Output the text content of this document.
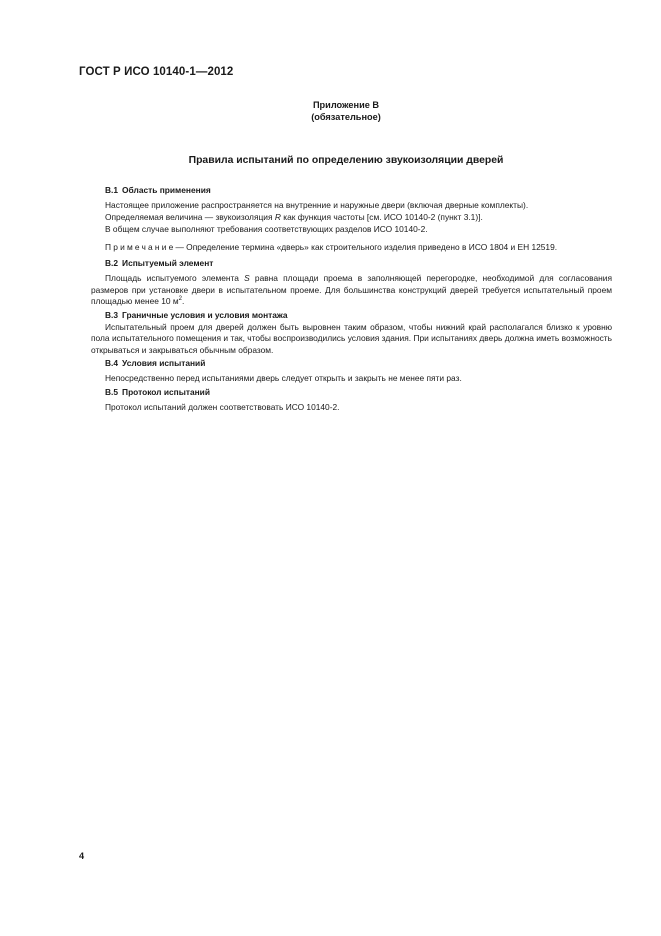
ГОСТ Р ИСО 10140-1—2012
Приложение В
(обязательное)
Правила испытаний по определению звукоизоляции дверей
В.1 Область применения

Настоящее приложение распространяется на внутренние и наружные двери (включая дверные комплекты).

Определяемая величина — звукоизоляция R как функция частоты [см. ИСО 10140-2 (пункт 3.1)].

В общем случае выполняют требования соответствующих разделов ИСО 10140-2.

Примечание— Определение термина «дверь» как строительного изделия приведено в ИСО 1804 и ЕН 12519.

В.2 Испытуемый элемент

Площадь испытуемого элемента S равна площади проема в заполняющей перегородке, необходимой для согласования размеров при установке двери в испытательном проеме. Для большинства конструкций дверей требуется испытательный проем площадью менее 10 $м^2$.

В.3 Граничные условия и условия монтажа

Испытательный проем для дверей должен быть выровнен таким образом, чтобы нижний край располагался близко к уровню пола испытательного помещения и так, чтобы воспроизводились условия здания. При испытаниях дверь должна иметь возможность открываться и закрываться обычным образом.

В.4 Условия испытаний

Непосредственно перед испытаниями дверь следует открыть и закрыть не менее пяти раз.

В.5 Протокол испытаний

Протокол испытаний должен соответствовать ИСО 10140-2.

4
